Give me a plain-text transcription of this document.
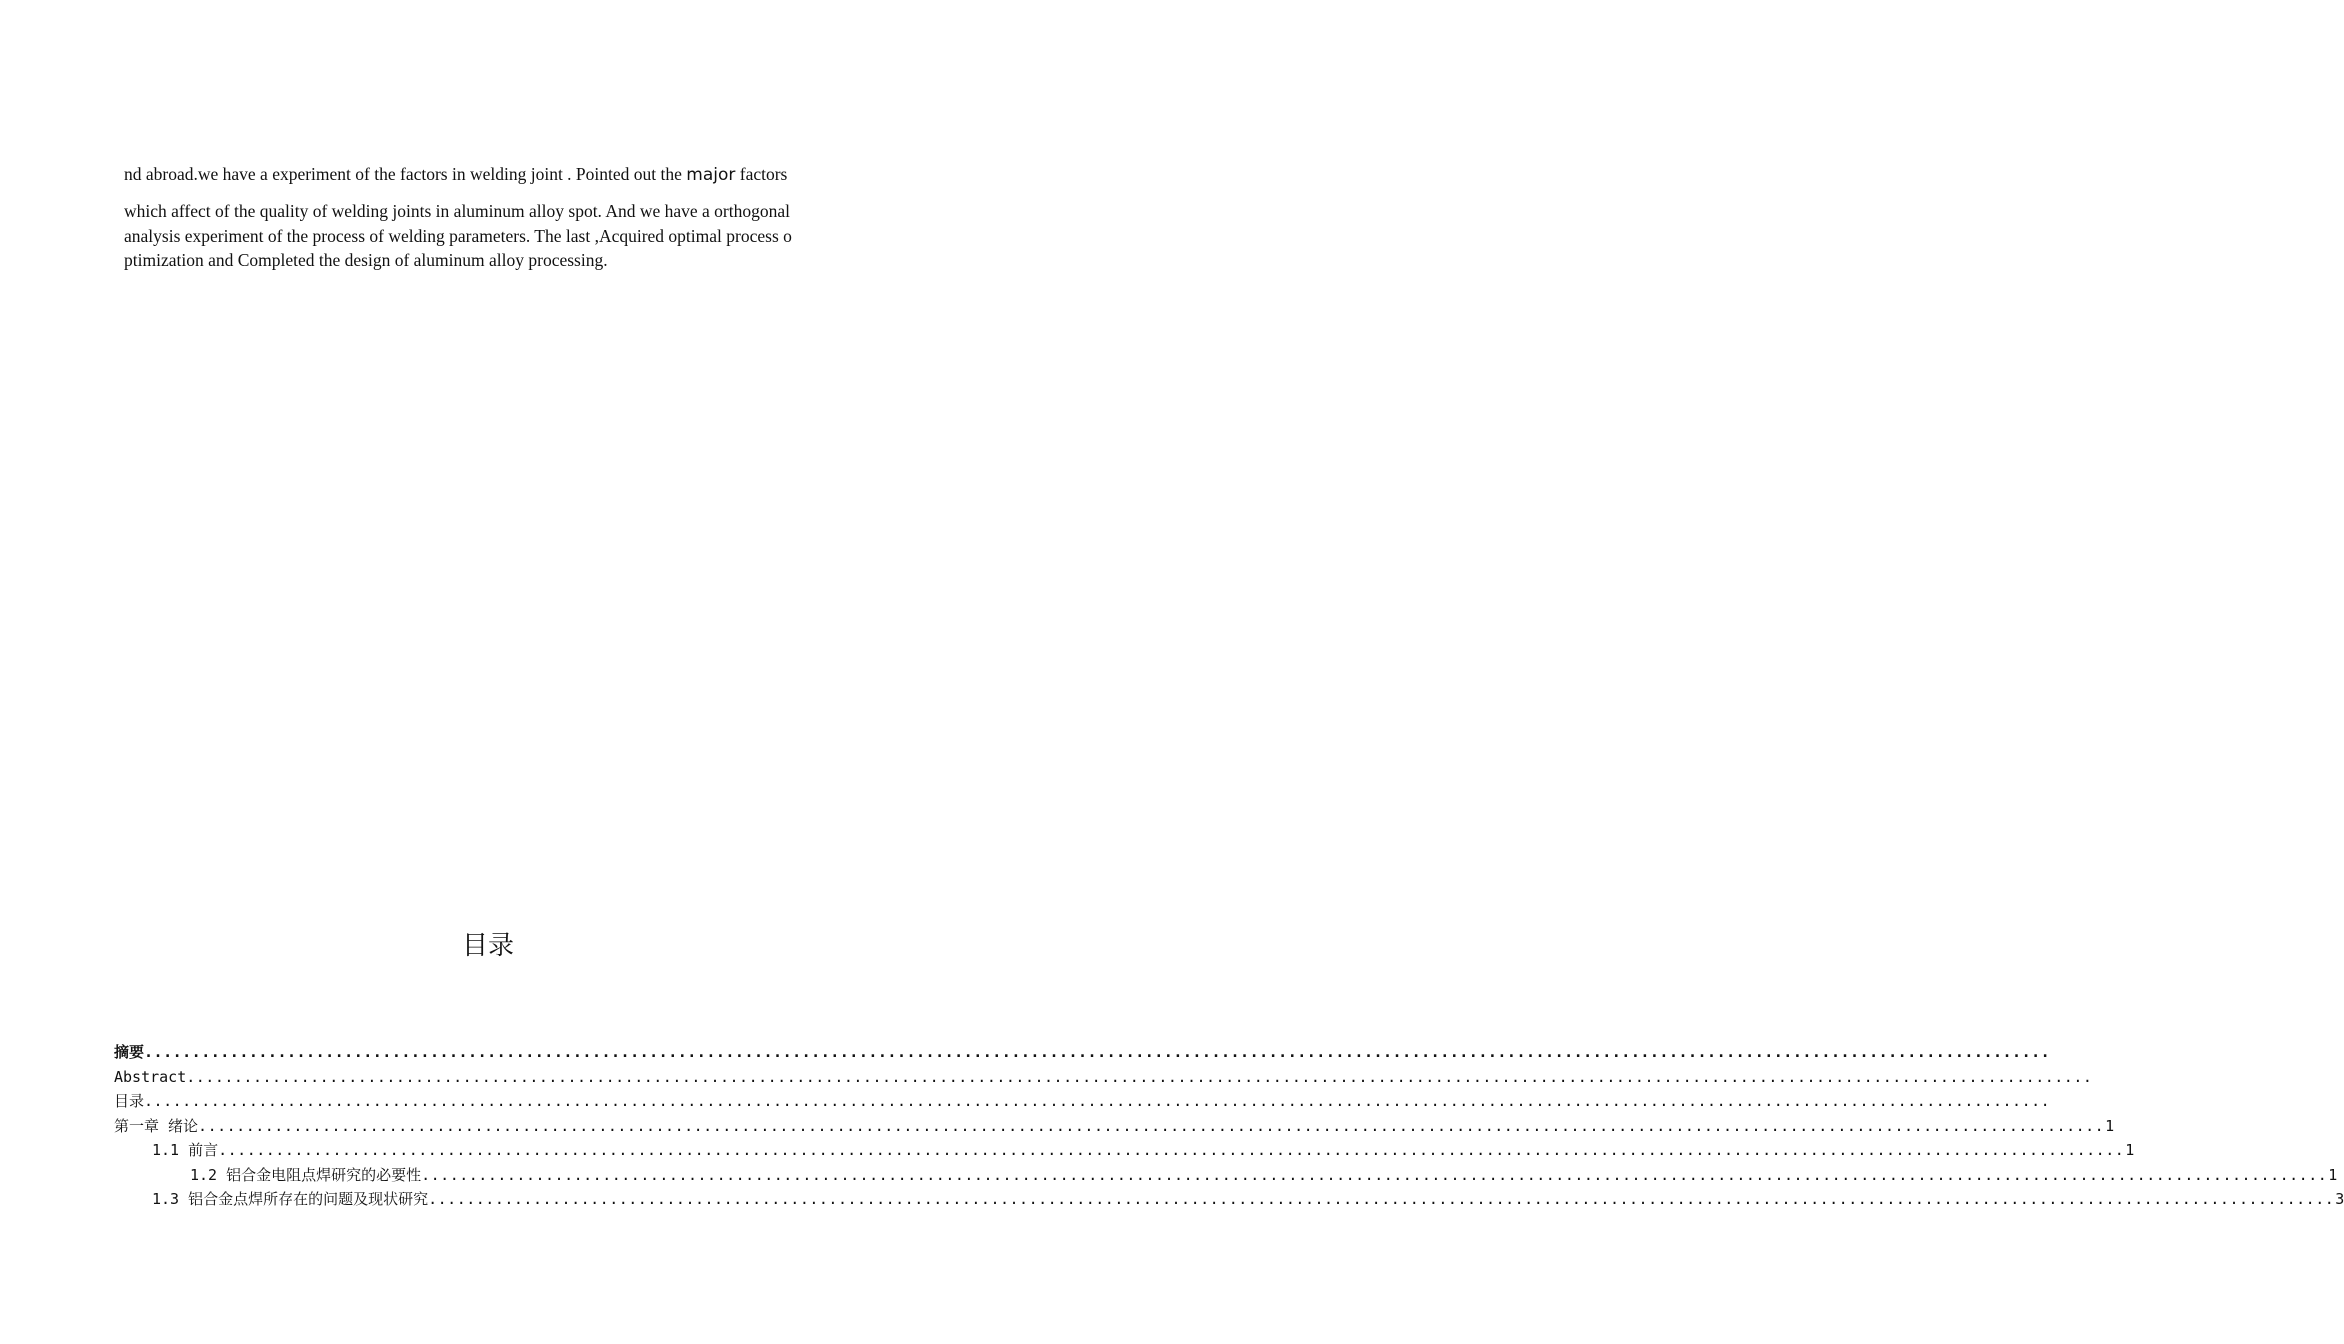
nd abroad.we have a experiment of the factors in welding joint . Pointed out the major factors
which affect of the quality of welding joints in aluminum alloy spot. And we have a orthogonal
analysis experiment of the process of welding parameters. The last ,Acquired optimal process o
ptimization and Completed the design of aluminum alloy processing.
目录
摘要 ........................................................................................................................................................................................................
Abstract ........................................................................................................................................................................................................
目录 ........................................................................................................................................................................................................
第一章 绪论 ........................................................................................................................................................................................................ 1
1.1 前言 ........................................................................................................................................................................................................ 1
1.2 铝合金电阻点焊研究的必要性 ........................................................................................................................................................................................................ 1
1.3 铝合金点焊所存在的问题及现状研究 ........................................................................................................................................................................................................ 3
